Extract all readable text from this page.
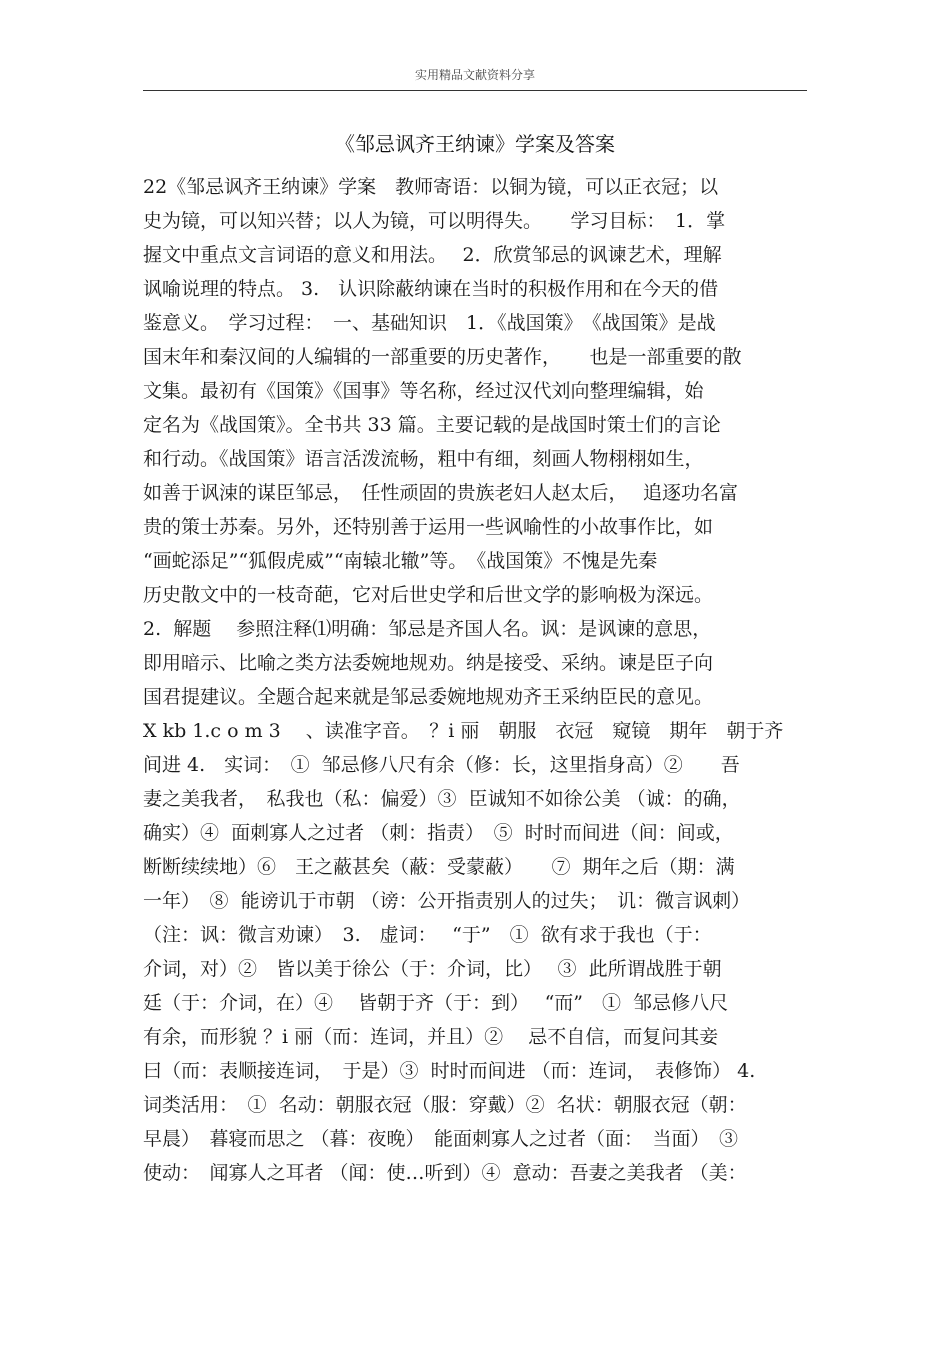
实用精品文献资料分享
《邹忌讽齐王纳谏》学案及答案
22《邹忌讽齐王纳谏》学案　教师寄语：以铜为镜，可以正衣冠；以
史为镜，可以知兴替；以人为镜，可以明得失。　　学习目标：　1．掌
握文中重点文言词语的意义和用法。　 2．欣赏邹忌的讽谏艺术，理解
讽喻说理的特点。 3.　认识除蔽纳谏在当时的积极作用和在今天的借
鉴意义。　学习过程：　一、基础知识　1．《战国策》　《战国策》是战
国末年和秦汉间的人编辑的一部重要的历史著作，　　也是一部重要的散
文集。最初有《国策》《国事》等名称，经过汉代刘向整理编辑，始
定名为《战国策》。全书共 33 篇。主要记载的是战国时策士们的言论
和行动。《战国策》语言活泼流畅，粗中有细，刻画人物栩栩如生，
如善于讽涑的谋臣邹忌，　任性顽固的贵族老妇人赵太后，　 追逐功名富
贵的策士苏秦。另外，还特别善于运用一些讽喻性的小故事作比，如
“画蛇添足”“狐假虎威”“南辕北辙”等。　《战国策》不愧是先秦
历史散文中的一枝奇葩，它对后世史学和后世文学的影响极为深远。
2.  解题　 参照注释⑴明确：邹忌是齐国人名。讽：是讽谏的意思，
即用暗示、比喻之类方法委婉地规劝。纳是接受、采纳。谏是臣子向
国君提建议。全题合起来就是邹忌委婉地规劝齐王采纳臣民的意见。
X kb 1.c o m 3 　、读准字音。　？i 丽　朝服　衣冠　窥镜　期年　朝于齐
间进 4.　实词：　①  邹忌修八尺有余（修：长，这里指身高）②　　吾
妻之美我者，　私我也（私：偏爱）③  臣诚知不如徐公美 （诚：的确，
确实）④  面刺寡人之过者 （刺：指责）　⑤  时时而间进（间：间或，
断断续续地）⑥　王之蔽甚矣（蔽：受蒙蔽）　　⑦  期年之后（期：满
一年）　⑧  能谤讥于市朝 （谤：公开指责别人的过失；　讥：微言讽刺）
（注：讽：微言劝谏）　3.　虚词：　 “于”　①  欲有求于我也（于：
介词，对）②　皆以美于徐公（于：介词，比）　 ③  此所谓战胜于朝
廷（于：介词，在）④　 皆朝于齐（于：到）　 “而”　①  邹忌修八尺
有余，而形貌 ？i 丽（而：连词，并且）②　 忌不自信，而复问其妾
曰（而：表顺接连词，　于是）③  时时而间进 （而：连词，　表修饰） 4.
词类活用：　①  名动：朝服衣冠（服：穿戴）②  名状：朝服衣冠（朝：
早晨）　暮寝而思之 （暮：夜晚）　能面刺寡人之过者（面：　当面）　③
使动：　闻寡人之耳者 （闻：使…听到）④  意动：吾妻之美我者 （美：
